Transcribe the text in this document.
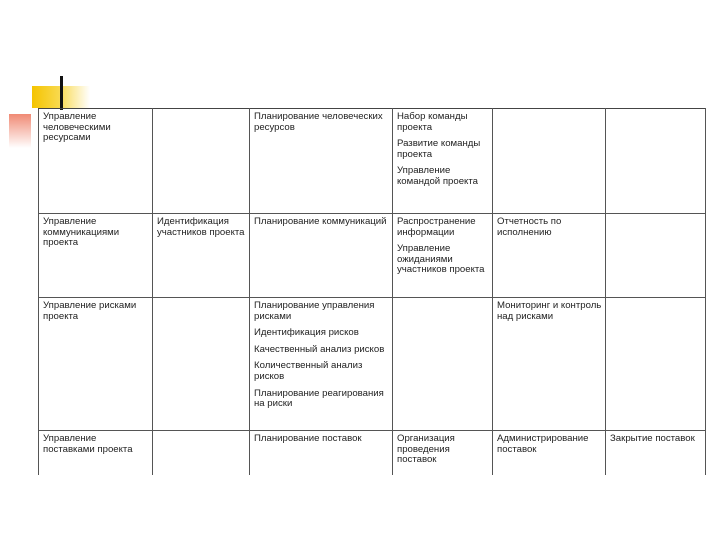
Управление человеческими ресурсами		Планирование человеческих ресурсов	Набор команды проекта
Развитие команды проекта
Управление командой проекта		

Управление коммуникациями проекта	Идентификация участников проекта	Планирование коммуникаций	Распространение информации
Управление ожиданиями участников проекта	Отчетность по исполнению	
Управление рисками проекта		Планирование управления рисками
Идентификация рисков
Качественный анализ рисков
Количественный анализ рисков
Планирование реагирования на риски		Мониторинг и контроль над рисками	
Управление поставками проекта		Планирование поставок	Организация проведения поставок	Администрирование поставок	Закрытие поставок
